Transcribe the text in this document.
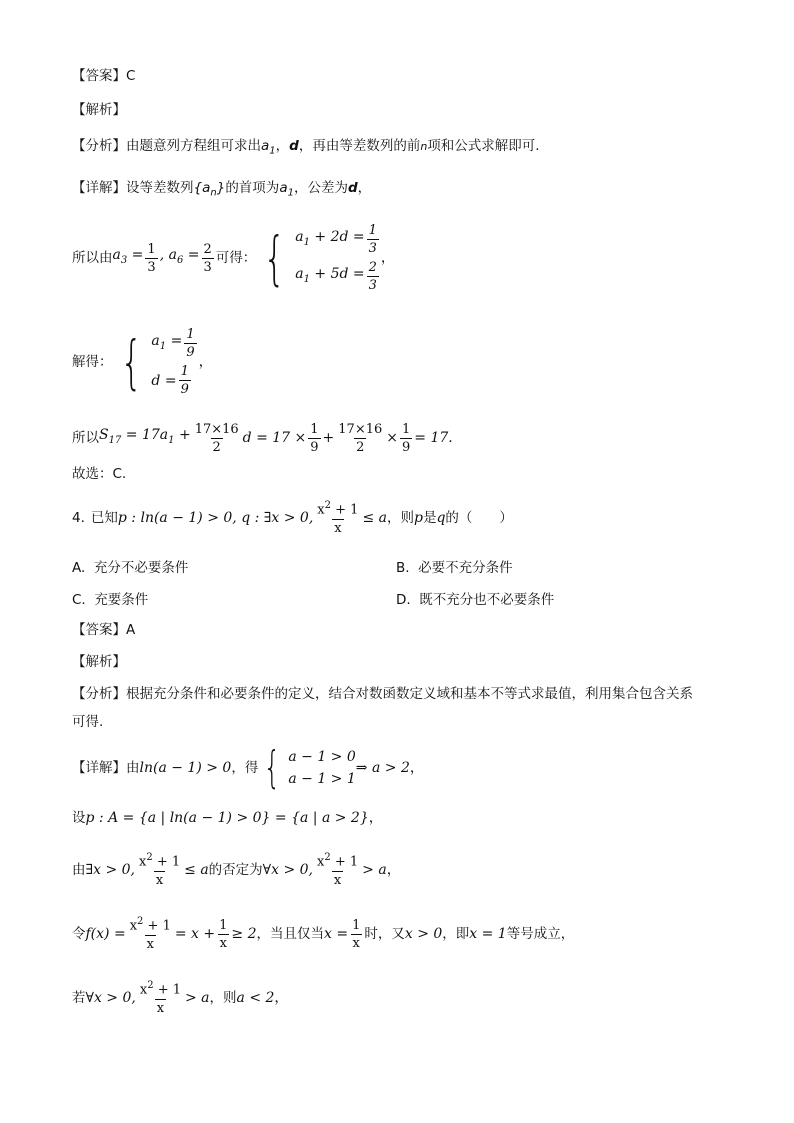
【答案】C
【解析】
【分析】由题意列方程组可求出$a_1$，d，再由等差数列的前n项和公式求解即可.
【详解】设等差数列$\{a_n\}$的首项为$a_1$，公差为d，
所以由 $a_3 = \frac{1}{3}$ , $a_6 = \frac{2}{3}$ 可得： { $a_1 + 2d = \frac{1}{3}$
$a_1 + 5d = \frac{2}{3}$
，
解得： { $a_1 = \frac{1}{9}$
$d = \frac{1}{9}$
，
所以 $S_{17} = 17a_1 + \frac{17\times 16}{2}$ $d = 17 \times \frac{1}{9} + \frac{17\times 16}{2} \times \frac{1}{9} = 17$.
故选：C.
4. 已知 p : ln(a − 1) > 0, q : ∃x > 0, $\frac{x^2 + 1}{x} \le a$ ，则 p 是 q 的（　　）
A. 充分不必要条件	B. 必要不充分条件
C. 充要条件	D. 既不充分也不必要条件
【答案】A
【解析】
【分析】根据充分条件和必要条件的定义，结合对数函数定义域和基本不等式求最值，利用集合包含关系
可得.
【详解】 由 ln(a − 1) > 0 ，得 { a − 1 > 0
a − 1 > 1
⇒ a > 2 ，
设p : A = {a | ln(a − 1) > 0} = {a | a > 2}，
由 ∃x > 0, $\frac{x^2 + 1}{x} \le a$ 的否定为 ∀x > 0, $\frac{x^2 + 1}{x} > a$ ，
令 $f(x) = \frac{x^2 + 1}{x} = x + \frac{1}{x} \ge 2$ ，当且仅当 $x = \frac{1}{x}$ 时，又 x > 0 ，即 x = 1 等号成立，
若 ∀x > 0, $\frac{x^2 + 1}{x} > a$ ，则 a < 2 ，
